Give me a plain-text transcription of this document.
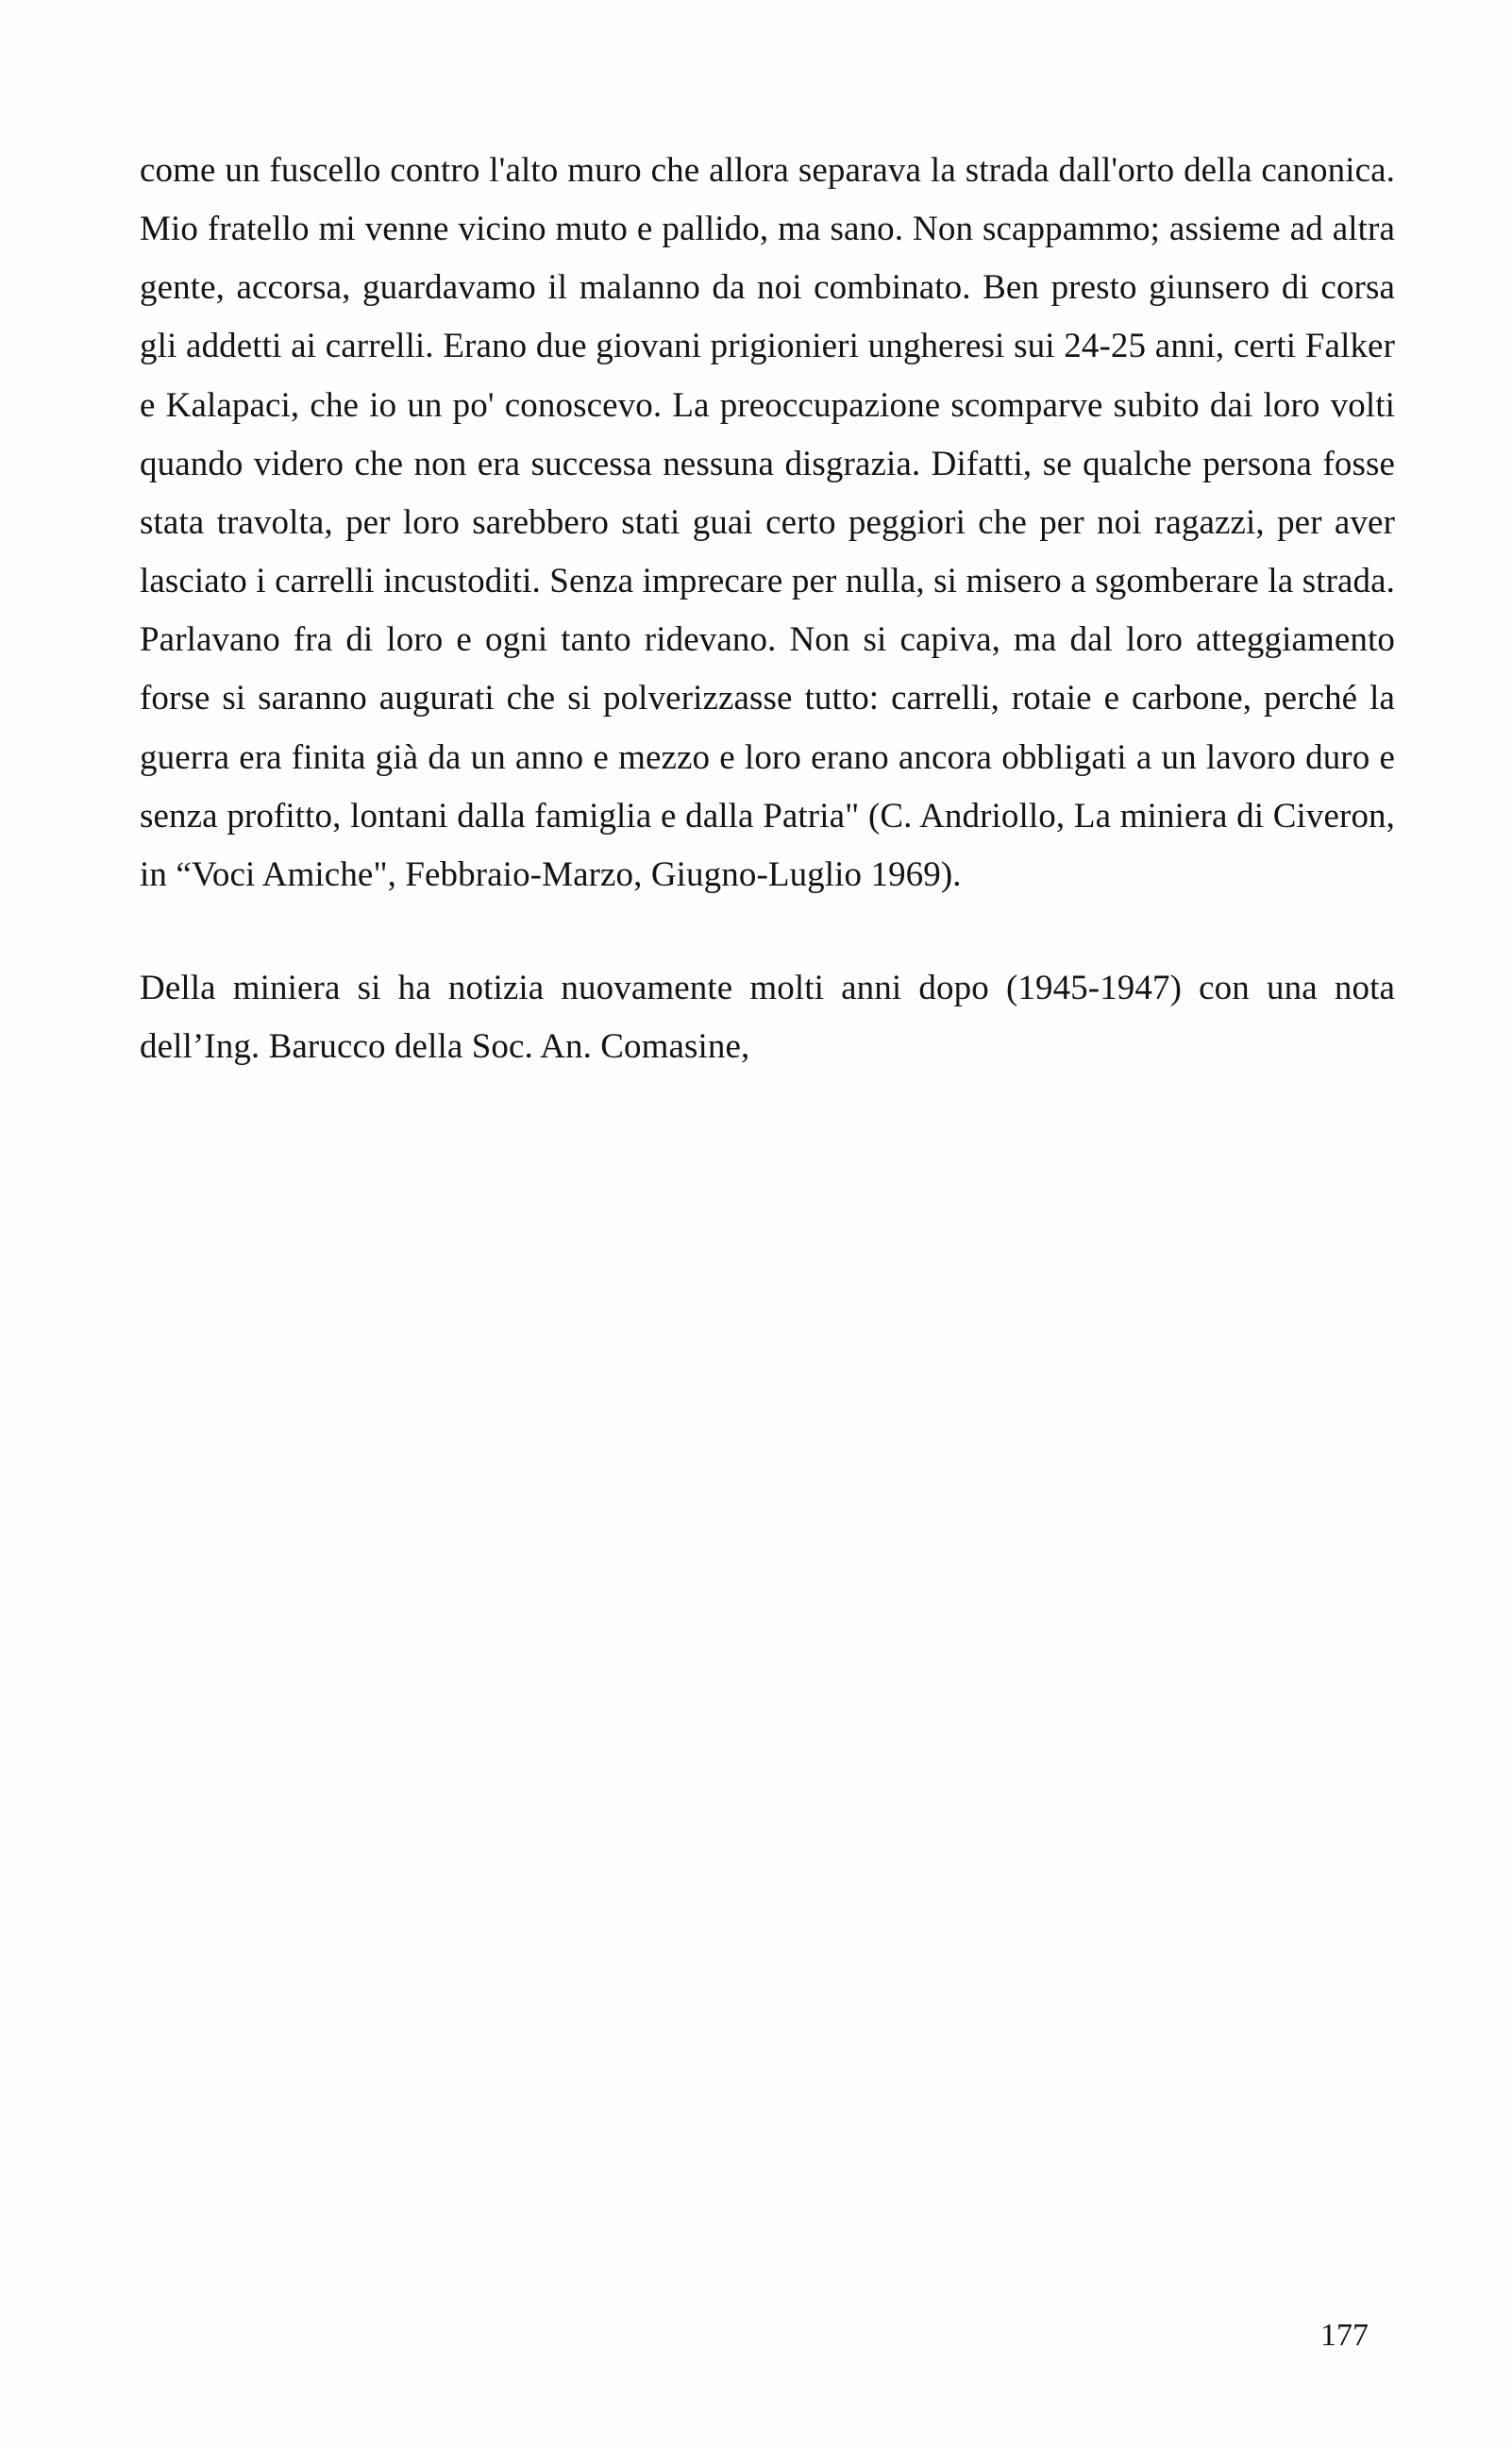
come un fuscello contro l'alto muro che allora separava la strada dall'orto della canonica. Mio fratello mi venne vicino muto e pallido, ma sano. Non scappammo; assieme ad altra gente, accorsa, guardavamo il malanno da noi combinato. Ben presto giunsero di corsa gli addetti ai carrelli. Erano due giovani prigionieri ungheresi sui 24-25 anni, certi Falker e Kalapaci, che io un po' conoscevo. La preoccupazione scomparve subito dai loro volti quando videro che non era successa nessuna disgrazia. Difatti, se qualche persona fosse stata travolta, per loro sarebbero stati guai certo peggiori che per noi ragazzi, per aver lasciato i carrelli incustoditi. Senza imprecare per nulla, si misero a sgomberare la strada. Parlavano fra di loro e ogni tanto ridevano. Non si capiva, ma dal loro atteggiamento forse si saranno augurati che si polverizzasse tutto: carrelli, rotaie e carbone, perché la guerra era finita già da un anno e mezzo e loro erano ancora obbligati a un lavoro duro e senza profitto, lontani dalla famiglia e dalla Patria" (C. Andriollo, La miniera di Civeron, in “Voci Amiche", Febbraio-Marzo, Giugno-Luglio 1969).

Della miniera si ha notizia nuovamente molti anni dopo (1945-1947) con una nota dell’Ing. Barucco della Soc. An. Comasine,

177
